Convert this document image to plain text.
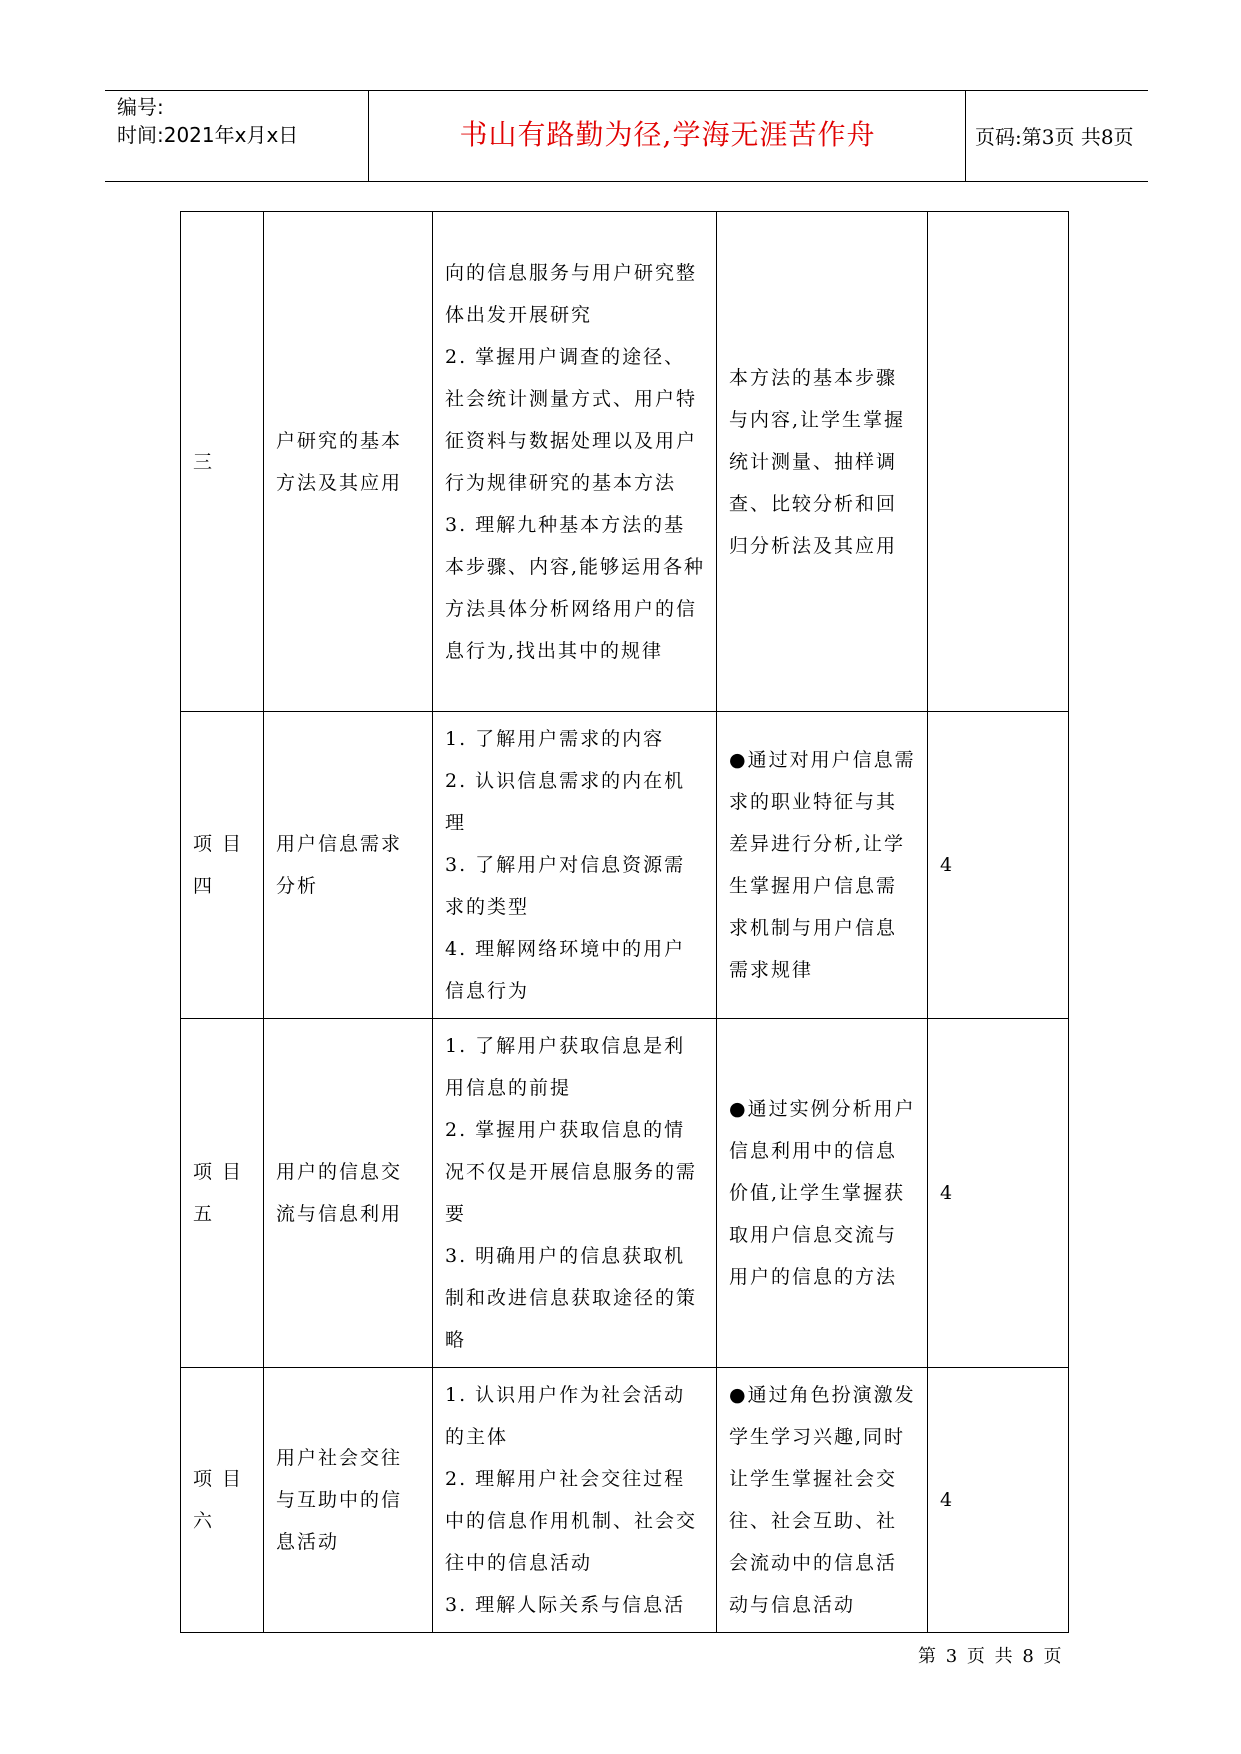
编号:
时间:2021年x月x日	书山有路勤为径,学海无涯苦作舟	页码:第3页 共8页
三	户研究的基本方法及其应用	向的信息服务与用户研究整体出发开展研究
2. 掌握用户调查的途径、社会统计测量方式、用户特征资料与数据处理以及用户行为规律研究的基本方法
3. 理解九种基本方法的基本步骤、内容,能够运用各种方法具体分析网络用户的信息行为,找出其中的规律	本方法的基本步骤与内容,让学生掌握统计测量、抽样调查、比较分析和回归分析法及其应用	
项 目四	用户信息需求分析	1. 了解用户需求的内容
2. 认识信息需求的内在机理
3. 了解用户对信息资源需求的类型
4. 理解网络环境中的用户信息行为	●通过对用户信息需求的职业特征与其差异进行分析,让学生掌握用户信息需求机制与用户信息需求规律	4
项 目五	用户的信息交流与信息利用	1. 了解用户获取信息是利用信息的前提
2. 掌握用户获取信息的情况不仅是开展信息服务的需要
3. 明确用户的信息获取机制和改进信息获取途径的策略	●通过实例分析用户信息利用中的信息价值,让学生掌握获取用户信息交流与用户的信息的方法	4
项 目六	用户社会交往与互助中的信息活动	1. 认识用户作为社会活动的主体
2. 理解用户社会交往过程中的信息作用机制、社会交往中的信息活动
3. 理解人际关系与信息活	●通过角色扮演激发学生学习兴趣,同时让学生掌握社会交往、社会互助、社会流动中的信息活动与信息活动	4
第 3 页 共 8 页
